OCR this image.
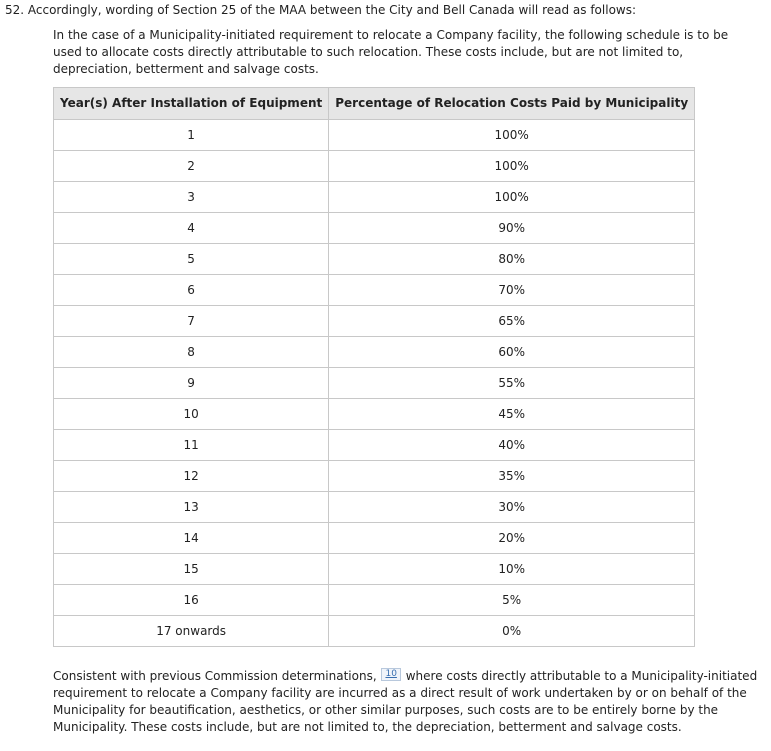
52. Accordingly, wording of Section 25 of the MAA between the City and Bell Canada will read as follows:

In the case of a Municipality-initiated requirement to relocate a Company facility, the following schedule is to be used to allocate costs directly attributable to such relocation. These costs include, but are not limited to, depreciation, betterment and salvage costs.

Year(s) After Installation of Equipment	Percentage of Relocation Costs Paid by Municipality
1	100%
2	100%
3	100%
4	90%
5	80%
6	70%
7	65%
8	60%
9	55%
10	45%
11	40%
12	35%
13	30%
14	20%
15	10%
16	5%
17 onwards	0%

Consistent with previous Commission determinations, 10 where costs directly attributable to a Municipality-initiated requirement to relocate a Company facility are incurred as a direct result of work undertaken by or on behalf of the Municipality for beautification, aesthetics, or other similar purposes, such costs are to be entirely borne by the Municipality. These costs include, but are not limited to, the depreciation, betterment and salvage costs.
